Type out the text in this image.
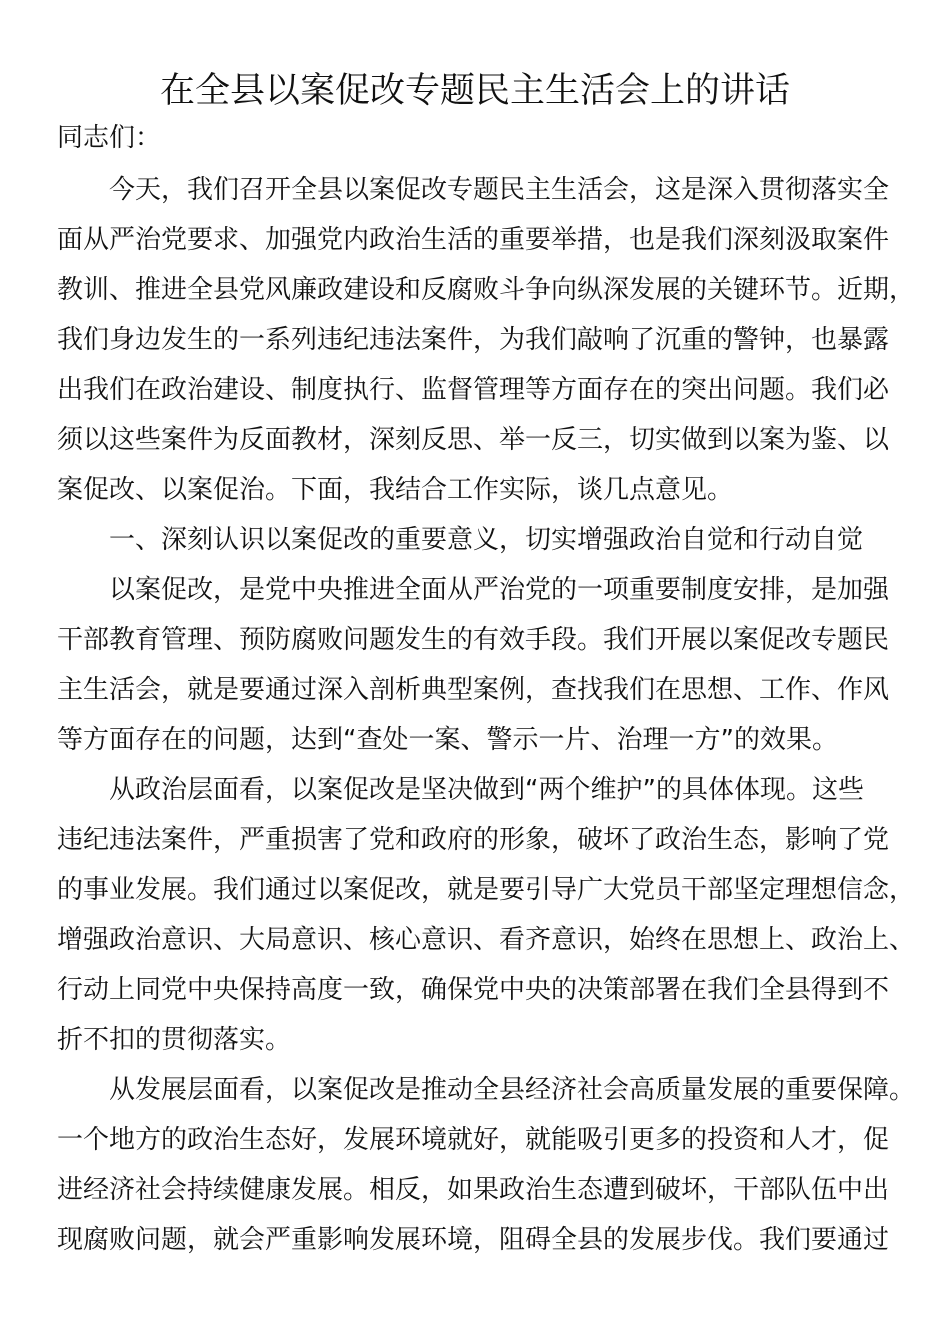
在全县以案促改专题民主生活会上的讲话
同志们：
今天，我们召开全县以案促改专题民主生活会，这是深入贯彻落实全
面从严治党要求、加强党内政治生活的重要举措，也是我们深刻汲取案件
教训、推进全县党风廉政建设和反腐败斗争向纵深发展的关键环节。近期，
我们身边发生的一系列违纪违法案件，为我们敲响了沉重的警钟，也暴露
出我们在政治建设、制度执行、监督管理等方面存在的突出问题。我们必
须以这些案件为反面教材，深刻反思、举一反三，切实做到以案为鉴、以
案促改、以案促治。下面，我结合工作实际，谈几点意见。
一、深刻认识以案促改的重要意义，切实增强政治自觉和行动自觉
以案促改，是党中央推进全面从严治党的一项重要制度安排，是加强
干部教育管理、预防腐败问题发生的有效手段。我们开展以案促改专题民
主生活会，就是要通过深入剖析典型案例，查找我们在思想、工作、作风
等方面存在的问题，达到“查处一案、警示一片、治理一方”的效果。
从政治层面看，以案促改是坚决做到“两个维护”的具体体现。这些
违纪违法案件，严重损害了党和政府的形象，破坏了政治生态，影响了党
的事业发展。我们通过以案促改，就是要引导广大党员干部坚定理想信念，
增强政治意识、大局意识、核心意识、看齐意识，始终在思想上、政治上、
行动上同党中央保持高度一致，确保党中央的决策部署在我们全县得到不
折不扣的贯彻落实。
从发展层面看，以案促改是推动全县经济社会高质量发展的重要保障。
一个地方的政治生态好，发展环境就好，就能吸引更多的投资和人才，促
进经济社会持续健康发展。相反，如果政治生态遭到破坏，干部队伍中出
现腐败问题，就会严重影响发展环境，阻碍全县的发展步伐。我们要通过
